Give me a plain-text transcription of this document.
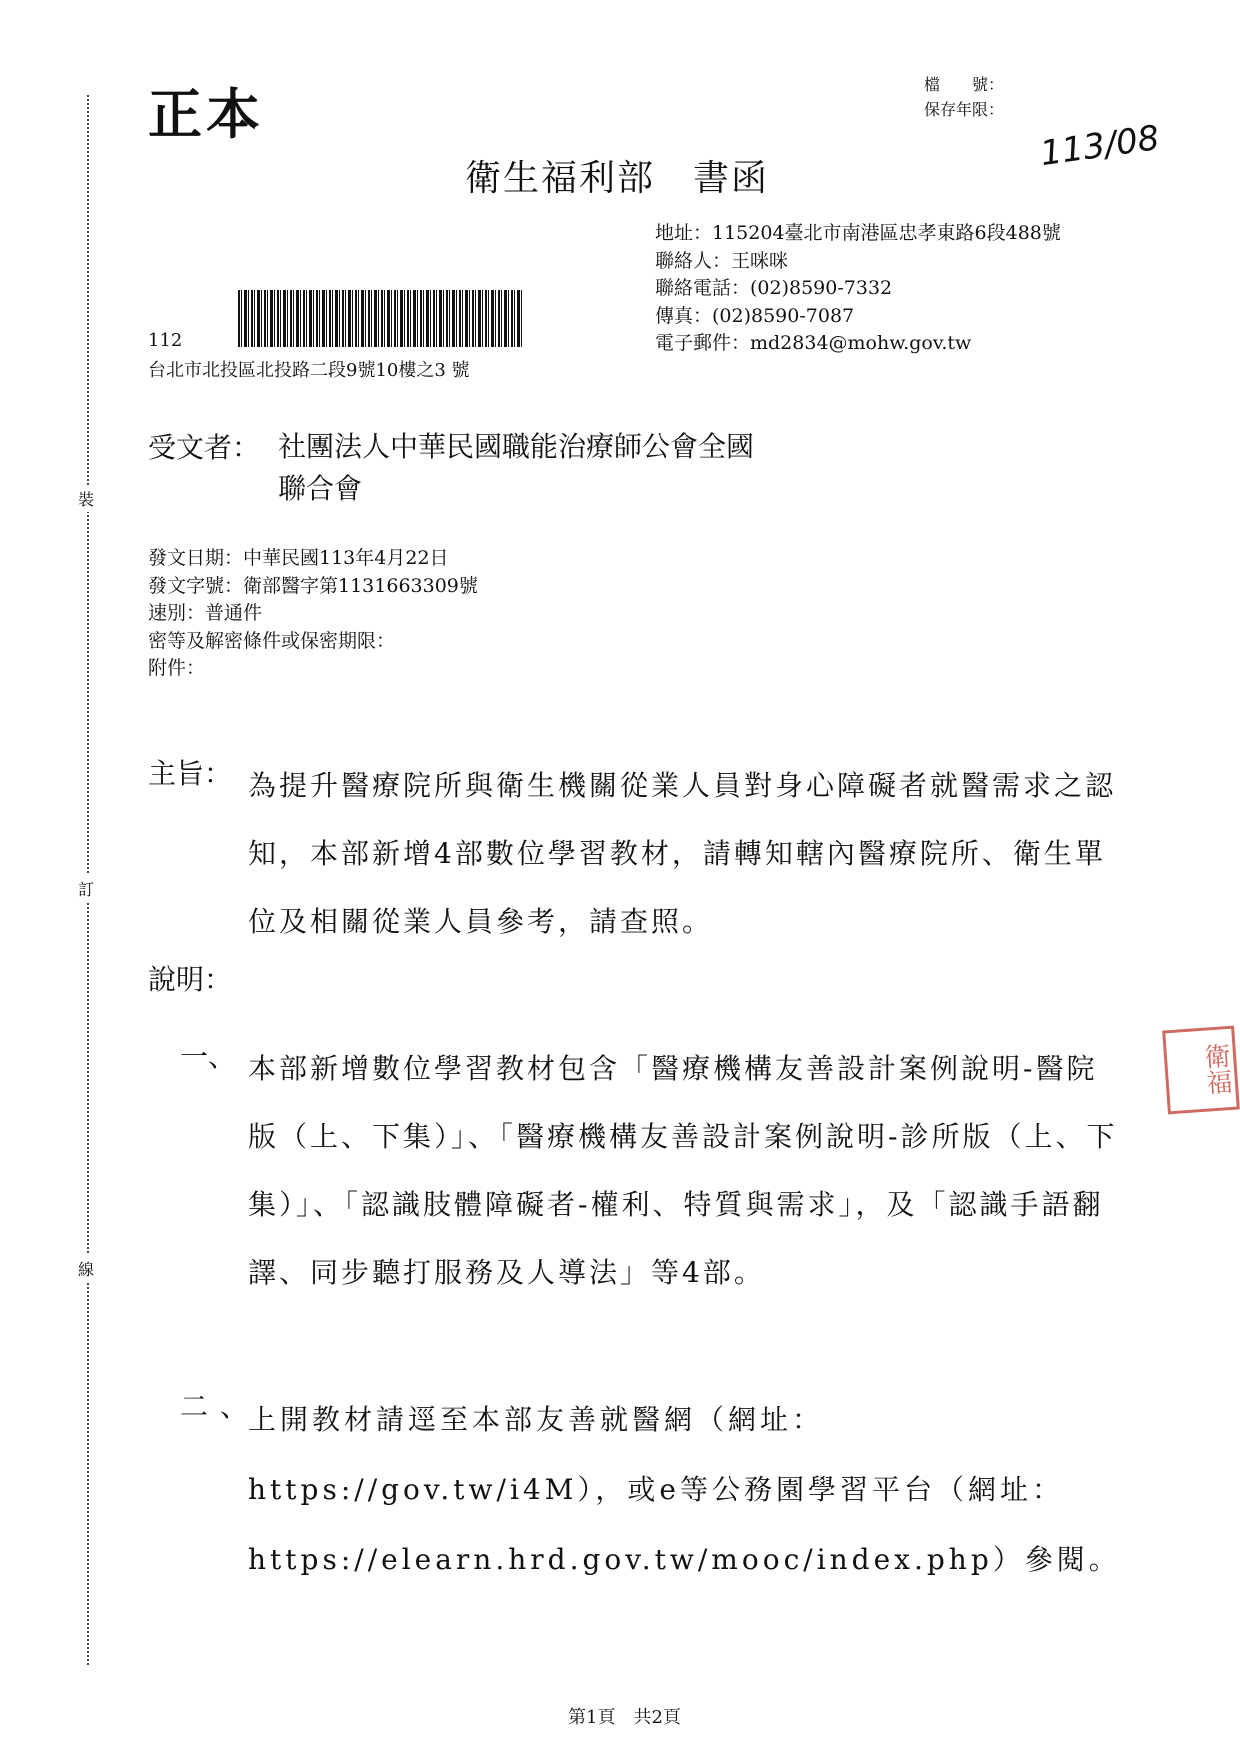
裝
訂
線
正本	檔　　號：
保存年限：
113/08
衛生福利部　書函
地址：115204臺北市南港區忠孝東路6段488號
聯絡人：王咪咪
聯絡電話：(02)8590-7332
傳真：(02)8590-7087
電子郵件：md2834@mohw.gov.tw
112
台北市北投區北投路二段9號10樓之3 號
受文者： 社團法人中華民國職能治療師公會全國聯合會
發文日期：中華民國113年4月22日
發文字號：衛部醫字第1131663309號
速別：普通件
密等及解密條件或保密期限：
附件：
主旨： 為提升醫療院所與衛生機關從業人員對身心障礙者就醫需求之認知，本部新增4部數位學習教材，請轉知轄內醫療院所、衛生單位及相關從業人員參考，請查照。
說明：
一、 本部新增數位學習教材包含「醫療機構友善設計案例說明-醫院版（上、下集）」、「醫療機構友善設計案例說明-診所版（上、下集）」、「認識肢體障礙者-權利、特質與需求」，及「認識手語翻譯、同步聽打服務及人導法」等4部。
二、
上開教材請逕至本部友善就醫網（網址：https://gov.tw/i4M），或e等公務園學習平台（網址：https://elearn.hrd.gov.tw/mooc/index.php）參閱。
衛福
第1頁　共2頁
